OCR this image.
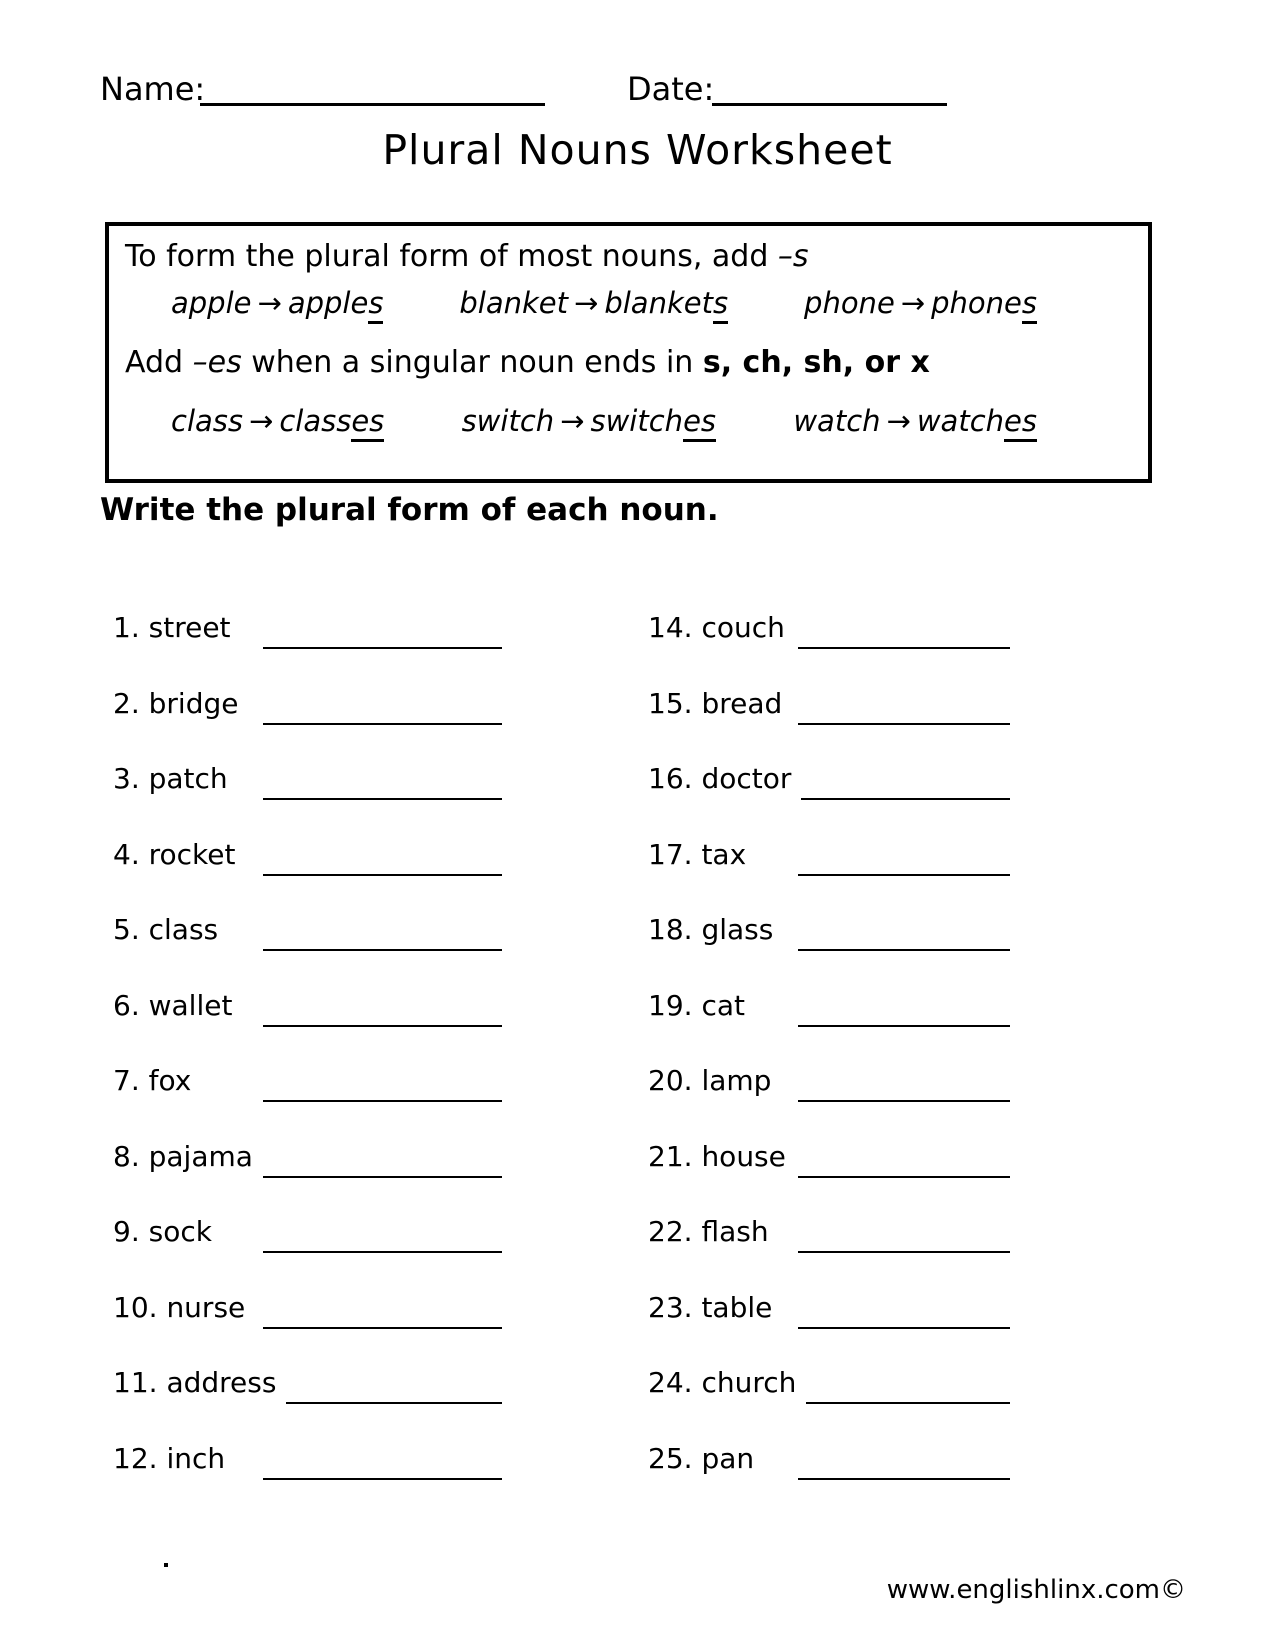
Name:	Date:
Plural Nouns Worksheet
To form the plural form of most nouns, add –s
apple → apples	blanket → blankets	phone → phones
Add –es when a singular noun ends in s, ch, sh, or x
class → classes	switch → switches	watch → watches
Write the plural form of each noun.
1. street
2. bridge
3. patch
4. rocket
5. class
6. wallet
7. fox
8. pajama
9. sock
10. nurse
11. address
12. inch
14. couch
15. bread
16. doctor
17. tax
18. glass
19. cat
20. lamp
21. house
22. flash
23. table
24. church
25. pan
www.englishlinx.com©
